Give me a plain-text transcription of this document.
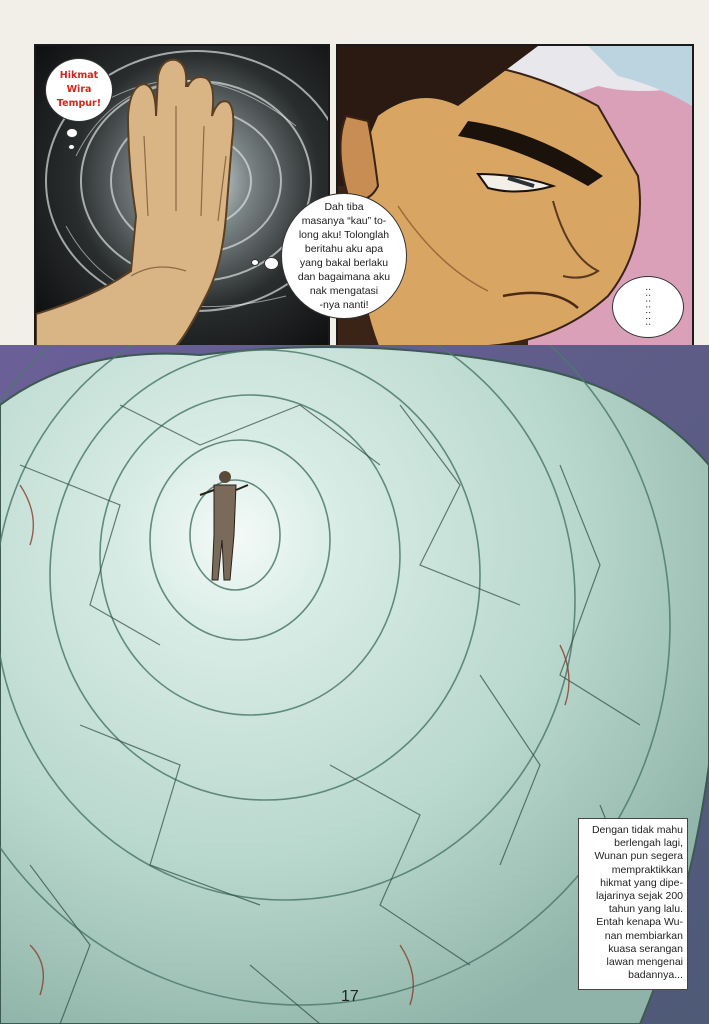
Hikmat
Wira
Tempur!
Dah tiba
masanya “kau” to-
long aku! Tolonglah
beritahu aku apa
yang bakal berlaku
dan bagaimana aku
nak mengatasi
-nya nanti!	:::::::
Dengan tidak mahu
berlengah lagi,
Wunan pun segera
mempraktikkan
hikmat yang dipe-
lajarinya sejak 200
tahun yang lalu.
Entah kenapa Wu-
nan membiarkan
kuasa serangan
lawan mengenai
badannya...
17
